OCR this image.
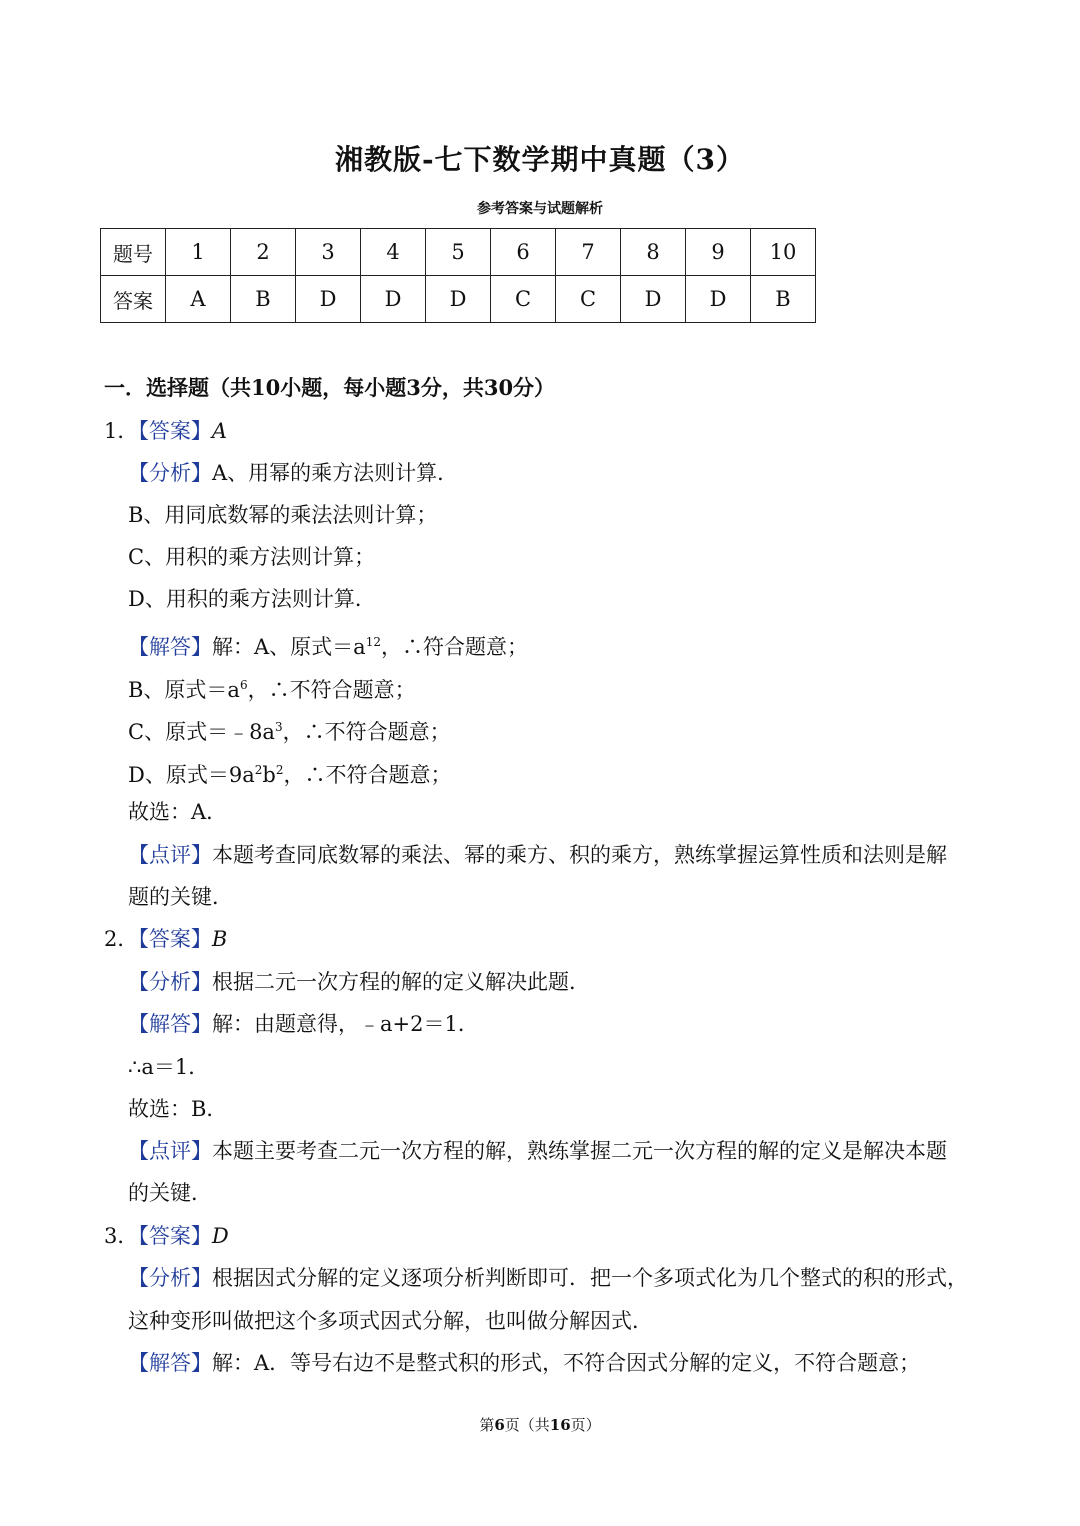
湘教版-七下数学期中真题（3）
参考答案与试题解析
题号	1	2	3	4	5	6	7	8	9	10
答案	A	B	D	D	D	C	C	D	D	B
一．选择题（共10小题，每小题3分，共30分）
1．【答案】A
【分析】A、用幂的乘方法则计算．
B、用同底数幂的乘法法则计算；
C、用积的乘方法则计算；
D、用积的乘方法则计算．
【解答】解：A、原式$=a^{12}$，∴符合题意；
B、原式$=a^6$，∴不符合题意；
C、原式$=﹣8a^3$，∴不符合题意；
D、原式$=9a^2b^2$，∴不符合题意；
故选：A．
【点评】本题考查同底数幂的乘法、幂的乘方、积的乘方，熟练掌握运算性质和法则是解
题的关键．
2．【答案】B
【分析】根据二元一次方程的解的定义解决此题．
【解答】解：由题意得，﹣a+2＝1．
∴a＝1．
故选：B．
【点评】本题主要考查二元一次方程的解，熟练掌握二元一次方程的解的定义是解决本题
的关键．
3．【答案】D
【分析】根据因式分解的定义逐项分析判断即可．把一个多项式化为几个整式的积的形式，
这种变形叫做把这个多项式因式分解，也叫做分解因式．
【解答】解：A．等号右边不是整式积的形式，不符合因式分解的定义，不符合题意；
第6页（共16页）
